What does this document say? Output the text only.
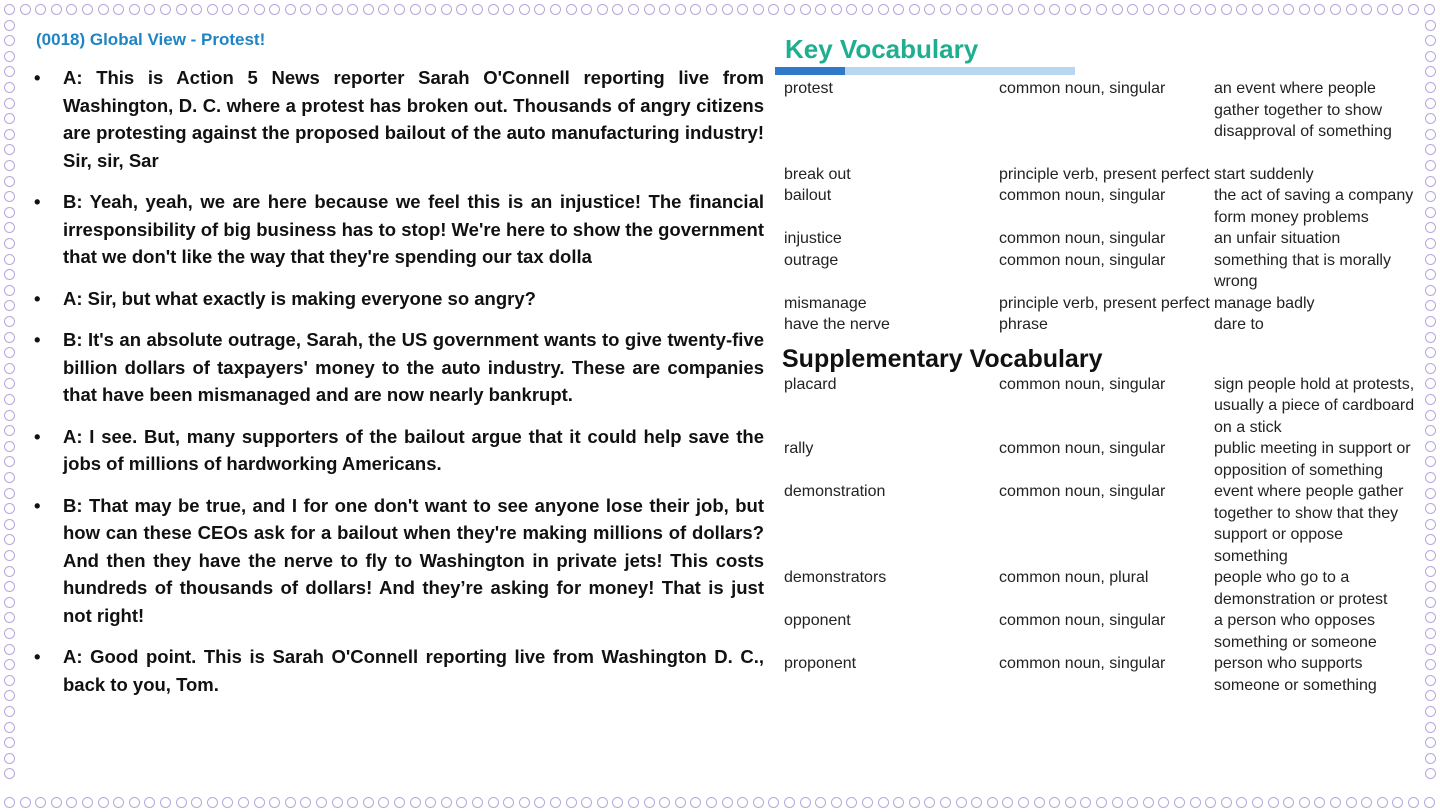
(0018) Global View - Protest!
• A: This is Action 5 News reporter Sarah O'Connell reporting live from Washington, D. C. where a protest has broken out. Thousands of angry citizens are protesting against the proposed bailout of the auto manufacturing industry! Sir, sir, Sar
• B: Yeah, yeah, we are here because we feel this is an injustice! The financial irresponsibility of big business has to stop! We're here to show the government that we don't like the way that they're spending our tax dolla
• A: Sir, but what exactly is making everyone so angry?
• B: It's an absolute outrage, Sarah, the US government wants to give twenty-five billion dollars of taxpayers' money to the auto industry. These are companies that have been mismanaged and are now nearly bankrupt.
• A: I see. But, many supporters of the bailout argue that it could help save the jobs of millions of hardworking Americans.
• B: That may be true, and I for one don't want to see anyone lose their job, but how can these CEOs ask for a bailout when they're making millions of dollars? And then they have the nerve to fly to Washington in private jets! This costs hundreds of thousands of dollars! And they’re asking for money! That is just not right!
• A: Good point. This is Sarah O'Connell reporting live from Washington D. C., back to you, Tom.
Key Vocabulary
protest	common noun, singular	an event where people gather together to show disapproval of something
break out	principle verb, present perfect	start suddenly
bailout	common noun, singular	the act of saving a company form money problems
injustice	common noun, singular	an unfair situation
outrage	common noun, singular	something that is morally wrong
mismanage	principle verb, present perfect	manage badly
have the nerve	phrase	dare to
Supplementary Vocabulary
placard	common noun, singular	sign people hold at protests, usually a piece of cardboard on a stick
rally	common noun, singular	public meeting in support or opposition of something
demonstration	common noun, singular	event where people gather together to show that they support or oppose something
demonstrators	common noun, plural	people who go to a demonstration or protest
opponent	common noun, singular	a person who opposes something or someone
proponent	common noun, singular	person who supports someone or something
